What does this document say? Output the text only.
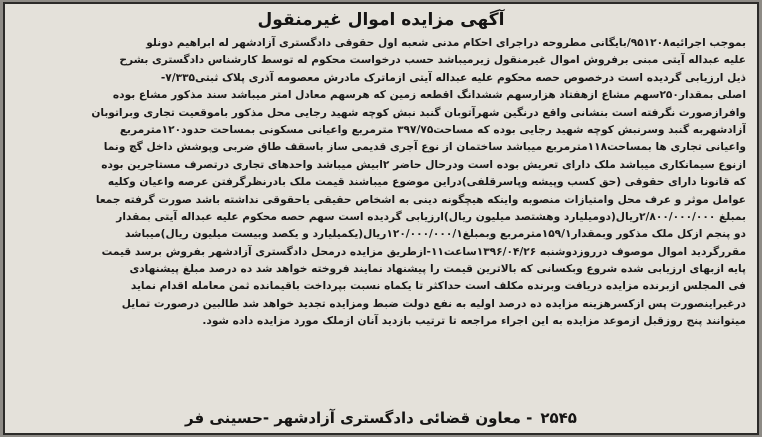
آگهی مزایده اموال غیرمنقول
بموجب اجرائیه۹۵۱۲۰۸/بایگانی مطروحه دراجرای احکام مدنی شعبه اول حقوقی دادگستری آزادشهر له ابراهیم دونلو
علیه عبداله آیتی مبنی برفروش اموال غیرمنقول زیرمیباشد حسب درخواست محکوم له توسط کارشناس دادگستری بشرح
ذیل ارزیابی گردیده است درخصوص حصه محکوم علیه عبداله آیتی ازماترک مادرش معصومه آذری پلاک ثبتی۷/۳۳۵-
اصلی بمقدار۲۵۰سهم مشاع ازهفتاد هزارسهم ششدانگ اقطعه زمین که هرسهم معادل امتر میباشد سند مذکور مشاع بوده
وافرازصورت نگرفته است بنشانی واقع درنگین شهرآتوبان گنبد نبش کوچه شهید رجایی محل مذکور باموقعیت تجاری وبراتوبان
آزادشهربه گنبد وسرنبش کوچه شهید رجایی بوده که مساحت۳۹۷/۷۵ مترمربع واعیانی مسکونی بمساحت حدود۱۲۰مترمربع
واعیانی تجاری ها بمساحت۱۱۸مترمربع میباشد ساختمان از نوع آجری قدیمی ساز باسقف طاق ضربی وپوشش داخل گچ ونما
ازنوع سیمانکاری میباشد ملک دارای تعریش بوده است ودرحال حاضر ۲ابیش میباشد واحدهای تجاری درتصرف مستاجرین بوده
که قانونا دارای حقوقی (حق کسب وپیشه وپاسرقلفی)دراین موضوع میباشند قیمت ملک بادرنظرگرفتن عرصه واعیان وکلیه
عوامل موثر و عرف محل وامتیازات منصوبه واینکه هیچگونه دینی به اشخاص حقیقی یاحقوقی نداشته باشد صورت گرفته جمعا
بمبلغ ۲/۸۰۰/۰۰۰/۰۰۰ریال(دومیلیارد وهشتصد میلیون ریال)ارزیابی گردیده است سهم حصه محکوم علیه عبداله آیتی بمقدار
دو پنجم ازکل ملک مذکور وبمقدار۱۵۹/۱مترمربع وبمبلغ۱۲۰/۰۰۰/۰۰۰/۱ریال(یکمیلیارد و یکصد وبیست میلیون ریال)میباشد
مقررگردید اموال موصوف درروزدوشنبه ۱۳۹۶/۰۴/۲۶ساعت۱۱-ازطریق مزایده درمحل دادگستری آزادشهر بفروش برسد قیمت
پایه ازبهای ارزیابی شده شروع وبکسانی که بالاترین قیمت را پیشنهاد نمایند فروخته خواهد شد ده درصد مبلغ پیشنهادی
فی المجلس ازبرنده مزایده دریافت وبرنده مکلف است حداکثر تا یکماه نسبت بپرداخت باقیمانده ثمن معامله اقدام نماید
درغیراینصورت پس ازکسرهزینه مزایده ده درصد اولیه به نفع دولت ضبط ومزایده تجدید خواهد شد طالبین درصورت تمایل
میتوانند پنج روزقبل ازموعد مزایده به این اجراء مراجعه تا ترتیب بازدید آنان ازملک مورد مزایده داده شود.
۲۵۴۵- معاون قضائی دادگستری آزادشهر -حسینی فر
